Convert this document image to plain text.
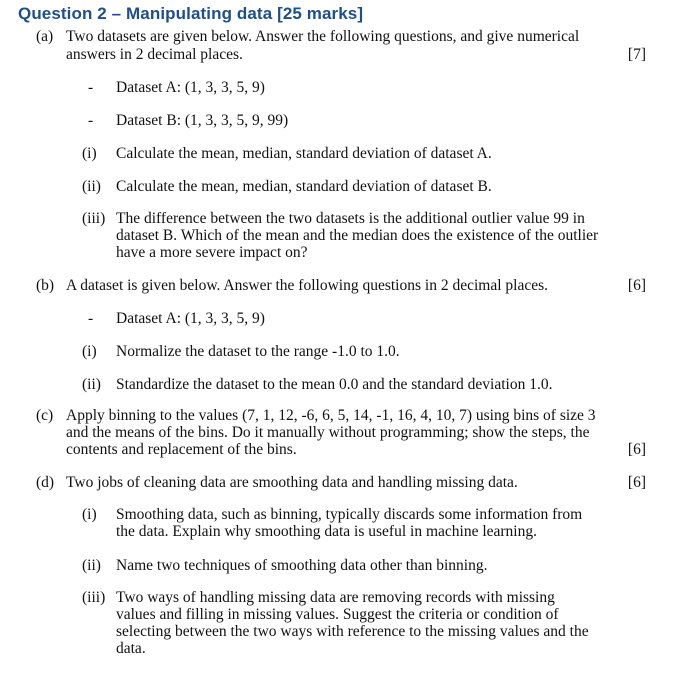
Question 2 – Manipulating data [25 marks]
(a) Two datasets are given below. Answer the following questions, and give numerical
answers in 2 decimal places.	[7]
- Dataset A: (1, 3, 3, 5, 9)
- Dataset B: (1, 3, 3, 5, 9, 99)
(i) Calculate the mean, median, standard deviation of dataset A.
(ii) Calculate the mean, median, standard deviation of dataset B.
(iii) The difference between the two datasets is the additional outlier value 99 in
dataset B. Which of the mean and the median does the existence of the outlier
have a more severe impact on?
(b) A dataset is given below. Answer the following questions in 2 decimal places.	[6]
- Dataset A: (1, 3, 3, 5, 9)
(i) Normalize the dataset to the range -1.0 to 1.0.
(ii) Standardize the dataset to the mean 0.0 and the standard deviation 1.0.
(c) Apply binning to the values (7, 1, 12, -6, 6, 5, 14, -1, 16, 4, 10, 7) using bins of size 3
and the means of the bins. Do it manually without programming; show the steps, the
contents and replacement of the bins.	[6]
(d) Two jobs of cleaning data are smoothing data and handling missing data.	[6]
(i) Smoothing data, such as binning, typically discards some information from
the data. Explain why smoothing data is useful in machine learning.
(ii) Name two techniques of smoothing data other than binning.
(iii) Two ways of handling missing data are removing records with missing
values and filling in missing values. Suggest the criteria or condition of
selecting between the two ways with reference to the missing values and the
data.
